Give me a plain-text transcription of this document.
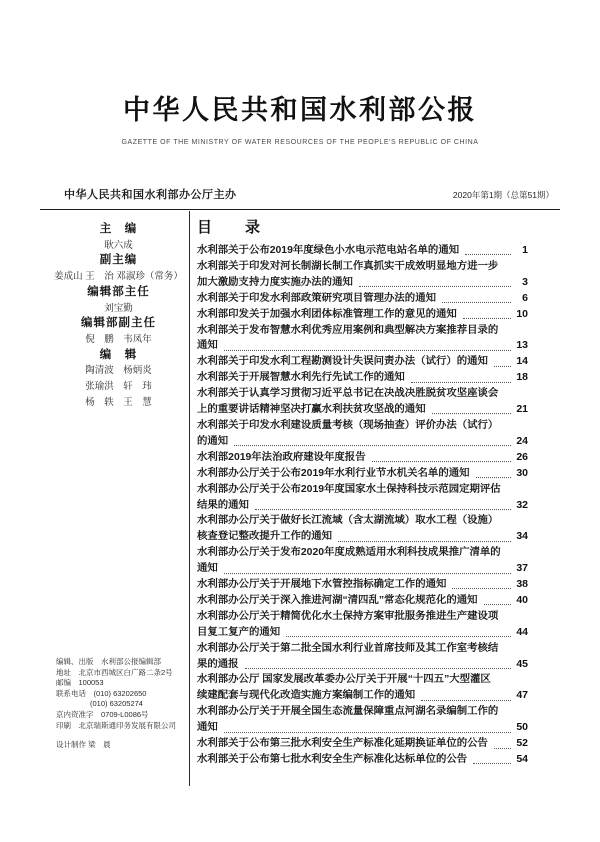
中华人民共和国水利部公报
GAZETTE OF THE MINISTRY OF WATER RESOURCES OF THE PEOPLE'S REPUBLIC OF CHINA
中华人民共和国水利部办公厅主办	2020年第1期（总第51期）
主　编
耿六成
副主编
姜成山 王　治 邓淑珍（常务）
编辑部主任
刘宝勤
编辑部副主任
倪　鹏　韦凤年
编　辑
陶清波　杨炳炎
张瑜洪　轩　玮
杨　轶　王　慧
编辑、出版　水利部公报编辑部
地址　北京市西城区白广路二条2号
邮编　100053
联系电话　(010) 63202650
(010) 63205274
京内资准字　0709-L0086号
印刷　北京瑞斯通印务发展有限公司
设计制作 梁　晨
目　录
水利部关于公布2019年度绿色小水电示范电站名单的通知	1
水利部关于印发对河长制湖长制工作真抓实干成效明显地方进一步
加大激励支持力度实施办法的通知	3
水利部关于印发水利部政策研究项目管理办法的通知	6
水利部印发关于加强水利团体标准管理工作的意见的通知	10
水利部关于发布智慧水利优秀应用案例和典型解决方案推荐目录的
通知	13
水利部关于印发水利工程勘测设计失误问责办法（试行）的通知	14
水利部关于开展智慧水利先行先试工作的通知	18
水利部关于认真学习贯彻习近平总书记在决战决胜脱贫攻坚座谈会
上的重要讲话精神坚决打赢水利扶贫攻坚战的通知	21
水利部关于印发水利建设质量考核（现场抽查）评价办法（试行）
的通知	24
水利部2019年法治政府建设年度报告	26
水利部办公厅关于公布2019年水利行业节水机关名单的通知	30
水利部办公厅关于公布2019年度国家水土保持科技示范园定期评估
结果的通知	32
水利部办公厅关于做好长江流域（含太湖流域）取水工程（设施）
核查登记整改提升工作的通知	34
水利部办公厅关于发布2020年度成熟适用水利科技成果推广清单的
通知	37
水利部办公厅关于开展地下水管控指标确定工作的通知	38
水利部办公厅关于深入推进河湖“清四乱”常态化规范化的通知	40
水利部办公厅关于精简优化水土保持方案审批服务推进生产建设项
目复工复产的通知	44
水利部办公厅关于第二批全国水利行业首席技师及其工作室考核结
果的通报	45
水利部办公厅 国家发展改革委办公厅关于开展“十四五”大型灌区
续建配套与现代化改造实施方案编制工作的通知	47
水利部办公厅关于开展全国生态流量保障重点河湖名录编制工作的
通知	50
水利部关于公布第三批水利安全生产标准化延期换证单位的公告	52
水利部关于公布第七批水利安全生产标准化达标单位的公告	54
